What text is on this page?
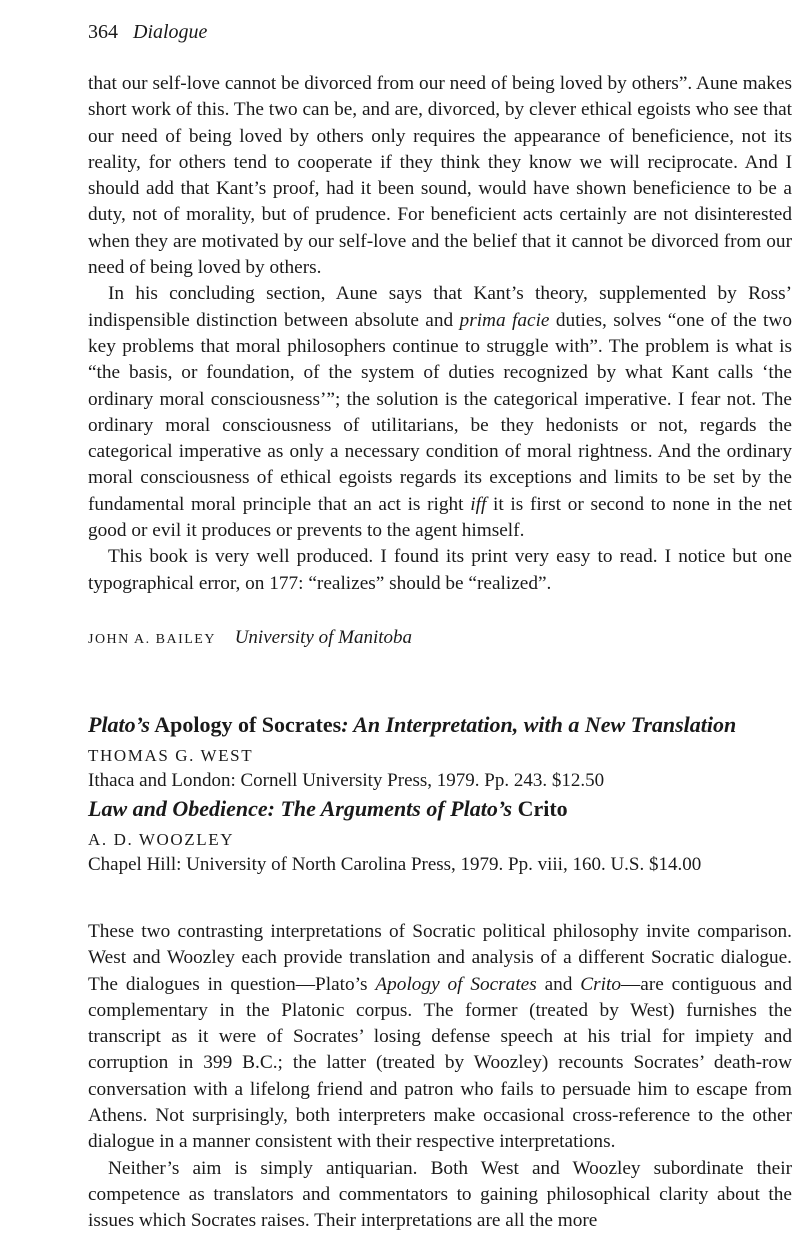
364 Dialogue

that our self-love cannot be divorced from our need of being loved by others”. Aune makes short work of this. The two can be, and are, divorced, by clever ethical egoists who see that our need of being loved by others only requires the appearance of beneficience, not its reality, for others tend to cooperate if they think they know we will reciprocate. And I should add that Kant’s proof, had it been sound, would have shown beneficience to be a duty, not of morality, but of prudence. For beneficient acts certainly are not disinterested when they are motivated by our self-love and the belief that it cannot be divorced from our need of being loved by others.

In his concluding section, Aune says that Kant’s theory, supplemented by Ross’ indispensible distinction between absolute and prima facie duties, solves “one of the two key problems that moral philosophers continue to struggle with”. The problem is what is “the basis, or foundation, of the system of duties recognized by what Kant calls ‘the ordinary moral consciousness’”; the solution is the categorical imperative. I fear not. The ordinary moral consciousness of utilitarians, be they hedonists or not, regards the categorical imperative as only a necessary condition of moral rightness. And the ordinary moral consciousness of ethical egoists regards its exceptions and limits to be set by the fundamental moral principle that an act is right iff it is first or second to none in the net good or evil it produces or prevents to the agent himself.

This book is very well produced. I found its print very easy to read. I notice but one typographical error, on 177: “realizes” should be “realized”.

JOHN A. BAILEY University of Manitoba

Plato’s Apology of Socrates: An Interpretation, with a New Translation

THOMAS G. WEST

Ithaca and London: Cornell University Press, 1979. Pp. 243. $12.50

Law and Obedience: The Arguments of Plato’s Crito

A. D. WOOZLEY

Chapel Hill: University of North Carolina Press, 1979. Pp. viii, 160. U.S. $14.00

These two contrasting interpretations of Socratic political philosophy invite comparison. West and Woozley each provide translation and analysis of a different Socratic dialogue. The dialogues in question—Plato’s Apology of Socrates and Crito—are contiguous and complementary in the Platonic corpus. The former (treated by West) furnishes the transcript as it were of Socrates’ losing defense speech at his trial for impiety and corruption in 399 B.C.; the latter (treated by Woozley) recounts Socrates’ death-row conversation with a lifelong friend and patron who fails to persuade him to escape from Athens. Not surprisingly, both interpreters make occasional cross-reference to the other dialogue in a manner consistent with their respective interpretations.

Neither’s aim is simply antiquarian. Both West and Woozley subordinate their competence as translators and commentators to gaining philosophical clarity about the issues which Socrates raises. Their interpretations are all the more
